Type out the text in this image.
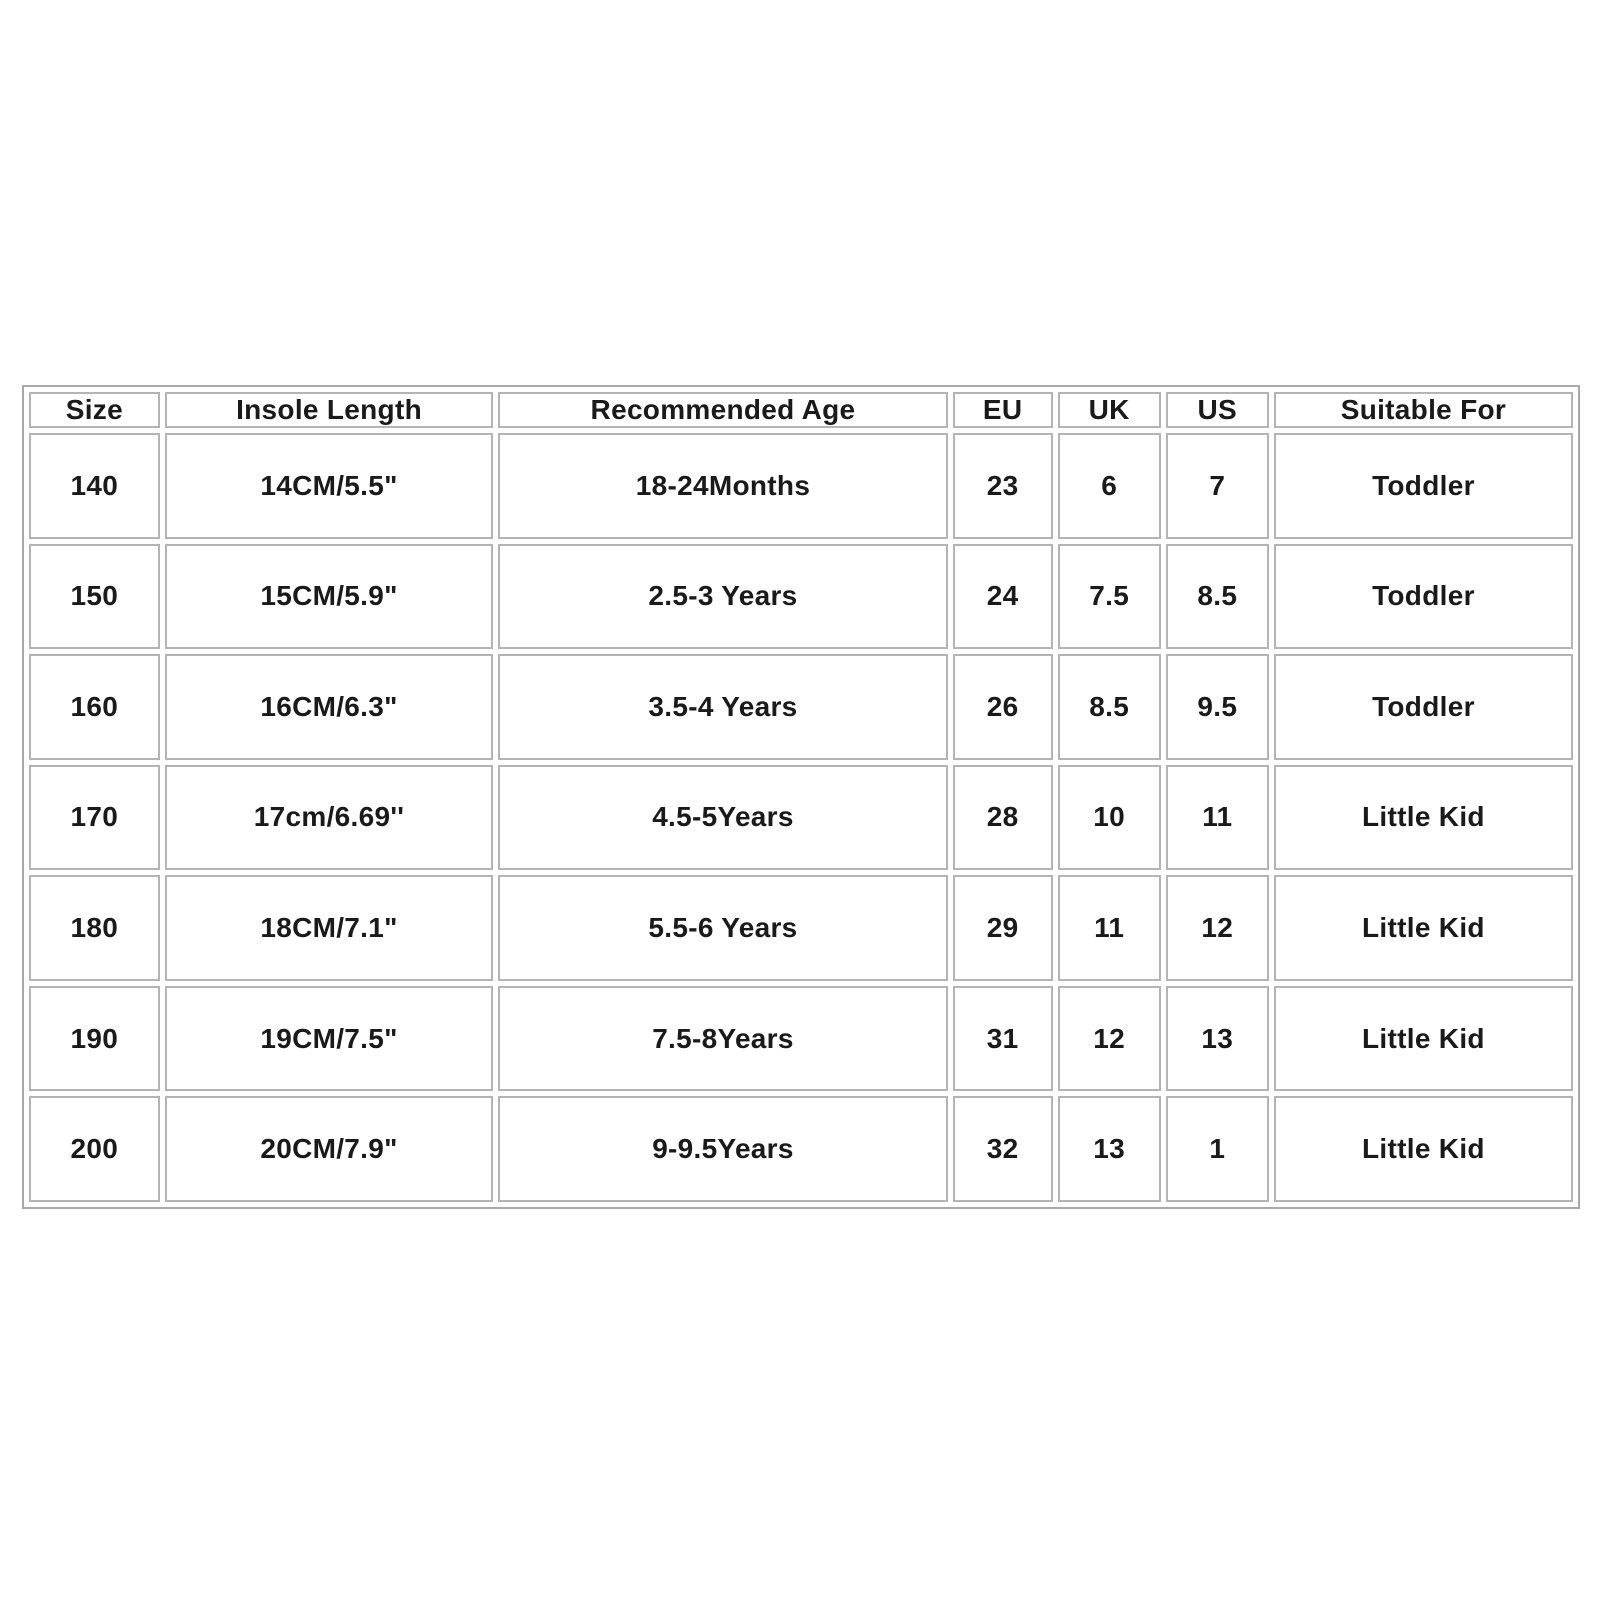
Size	Insole Length	Recommended Age	EU	UK	US	Suitable For
140	14CM/5.5"	18-24Months	23	6	7	Toddler
150	15CM/5.9"	2.5-3 Years	24	7.5	8.5	Toddler
160	16CM/6.3"	3.5-4 Years	26	8.5	9.5	Toddler
170	17cm/6.69''	4.5-5Years	28	10	11	Little Kid
180	18CM/7.1"	5.5-6 Years	29	11	12	Little Kid
190	19CM/7.5"	7.5-8Years	31	12	13	Little Kid
200	20CM/7.9"	9-9.5Years	32	13	1	Little Kid
